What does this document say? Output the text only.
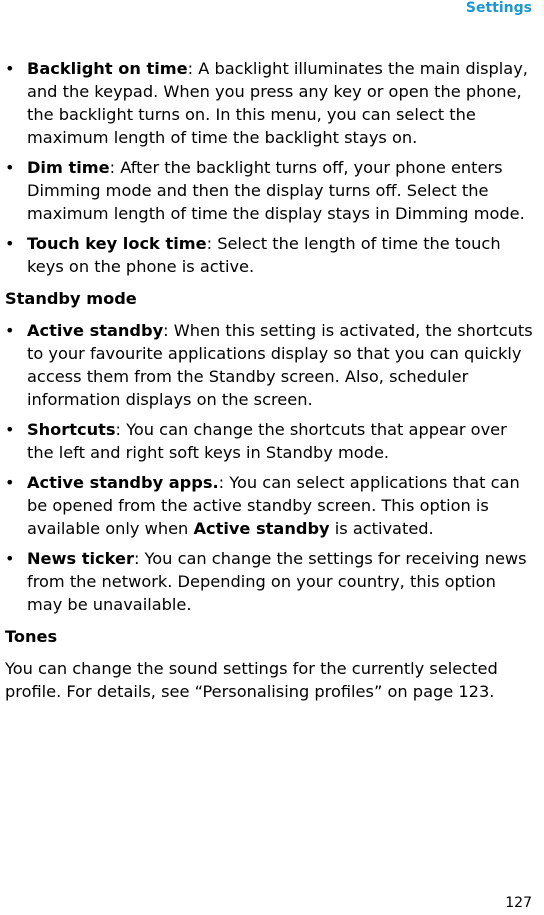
Settings
• Backlight on time: A backlight illuminates the main display, and the keypad. When you press any key or open the phone, the backlight turns on. In this menu, you can select the maximum length of time the backlight stays on.
• Dim time: After the backlight turns off, your phone enters Dimming mode and then the display turns off. Select the maximum length of time the display stays in Dimming mode.
• Touch key lock time: Select the length of time the touch keys on the phone is active.
Standby mode
• Active standby: When this setting is activated, the shortcuts to your favourite applications display so that you can quickly access them from the Standby screen. Also, scheduler information displays on the screen.
• Shortcuts: You can change the shortcuts that appear over the left and right soft keys in Standby mode.
• Active standby apps.: You can select applications that can be opened from the active standby screen. This option is available only when Active standby is activated.
• News ticker: You can change the settings for receiving news from the network. Depending on your country, this option may be unavailable.
Tones
You can change the sound settings for the currently selected profile. For details, see “Personalising profiles” on page 123.
127
